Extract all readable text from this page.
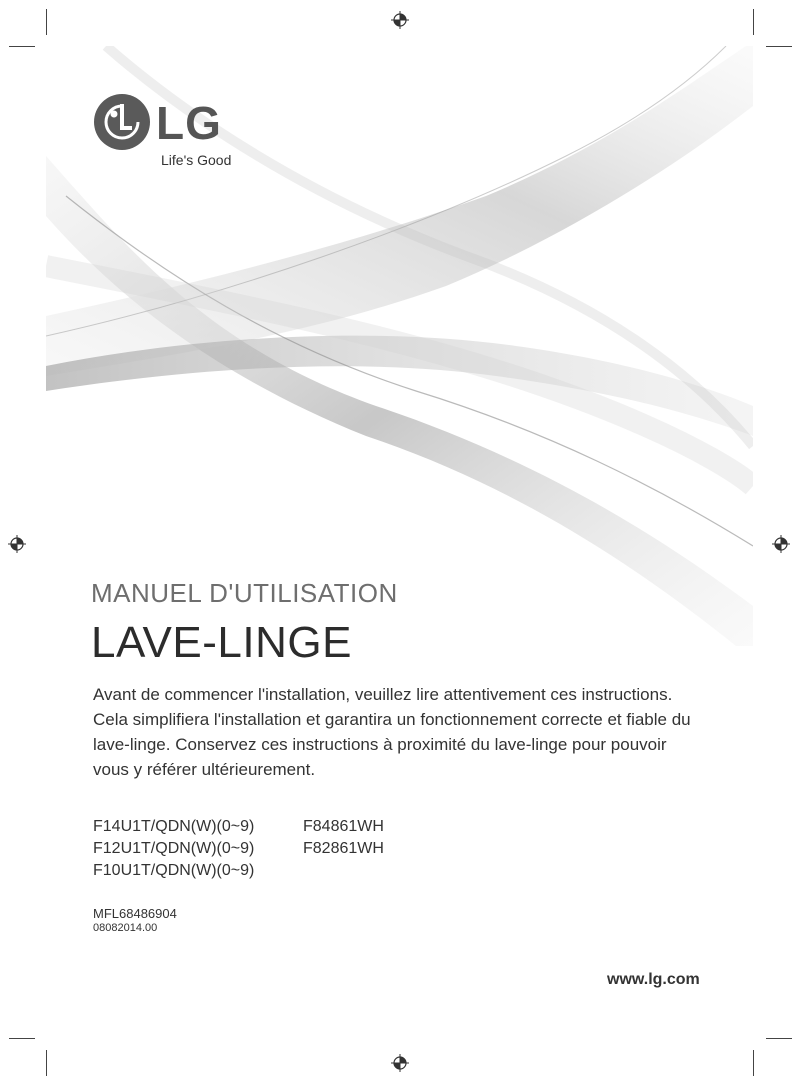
LG
Life's Good
MANUEL D'UTILISATION
LAVE-LINGE
Avant de commencer l'installation, veuillez lire attentivement ces instructions.
Cela simplifiera l'installation et garantira un fonctionnement correcte et fiable du
lave-linge. Conservez ces instructions à proximité du lave-linge pour pouvoir
vous y référer ultérieurement.
F14U1T/QDN(W)(0~9)	F84861WH
F12U1T/QDN(W)(0~9)	F82861WH
F10U1T/QDN(W)(0~9)
MFL68486904
08082014.00
www.lg.com
